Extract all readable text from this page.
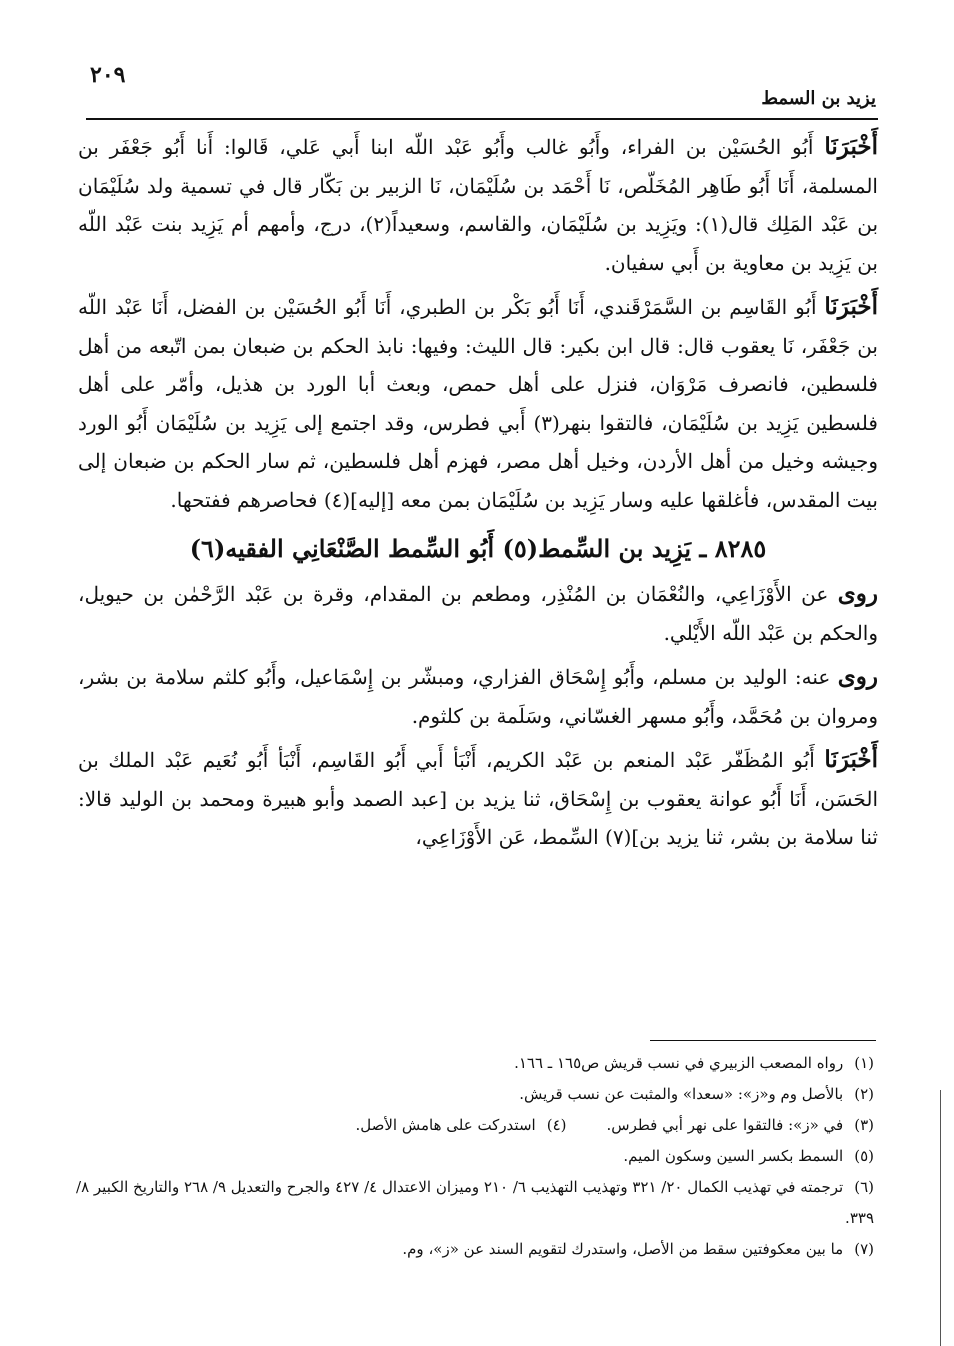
٢٠٩
يزيد بن السمط

أَخْبَرَنَا أَبُو الحُسَيْن بن الفراء، وأَبُو غالب وأَبُو عَبْد اللّه ابنا أَبي عَلي، قَالوا: أَنا أَبُو جَعْفَر بن المسلمة، أَنَا أَبُو طَاهِر المُخَلّص، نَا أَحْمَد بن سُلَيْمَان، نَا الزبير بن بَكّار قال في تسمية ولد سُلَيْمَان بن عَبْد المَلِك قال(١): ويَزِيد بن سُلَيْمَان، والقاسم، وسعيداً(٢)، درج، وأمهم أم يَزِيد بنت عَبْد اللّه بن يَزِيد بن معاوية بن أَبي سفيان.

أَخْبَرَنَا أَبُو القَاسِم بن السَّمَرْقَندي، أَنَا أَبُو بَكْر بن الطبري، أَنَا أَبُو الحُسَيْن بن الفضل، أَنَا عَبْد اللّه بن جَعْفَر، نَا يعقوب قال: قال ابن بكير: قال الليث: وفيها: نابذ الحكم بن ضبعان بمن اتّبعه من أهل فلسطين، فانصرف مَرْوَان، فنزل على أهل حمص، وبعث أبا الورد بن هذيل، وأمّر على أهل فلسطين يَزِيد بن سُلَيْمَان، فالتقوا بنهر(٣) أَبي فطرس، وقد اجتمع إلى يَزِيد بن سُلَيْمَان أَبُو الورد وجيشه وخيل من أهل الأردن، وخيل أهل مصر، فهزم أهل فلسطين، ثم سار الحكم بن ضبعان إلى بيت المقدس، فأغلقها عليه وسار يَزِيد بن سُلَيْمَان بمن معه [إليه](٤) فحاصرهم ففتحها.

٨٢٨٥ ـ يَزِيد بن السِّمط(٥) أَبُو السِّمط الصَّنْعَانِي الفقيه(٦)

روى عن الأَوْزَاعِي، والنُعْمَان بن المُنْذِر، ومطعم بن المقدام، وقرة بن عَبْد الرَّحْمٰن بن حيويل، والحكم بن عَبْد اللّه الأَيْلي.

روى عنه: الوليد بن مسلم، وأَبُو إِسْحَاق الفزاري، ومبشّر بن إِسْمَاعيل، وأَبُو كلثم سلامة بن بشر، ومروان بن مُحَمَّد، وأَبُو مسهر الغسّاني، وسَلَمة بن كلثوم.

أَخْبَرَنَا أَبُو المُظَفّر عَبْد المنعم بن عَبْد الكريم، أَنْبَأ أَبي أَبُو القَاسِم، أَنْبَأ أَبُو نُعَيم عَبْد الملك بن الحَسَن، أَنَا أَبُو عوانة يعقوب بن إِسْحَاق، ثنا يزيد بن [عبد الصمد وأبو هبيرة ومحمد بن الوليد قالا: ثنا سلامة بن بشر، ثنا يزيد بن](٧) السِّمط، عَن الأَوْزَاعِي،

(١) رواه المصعب الزبيري في نسب قريش ص١٦٥ ـ ١٦٦.

(٢) بالأصل وم و«ز»: «سعدا» والمثبت عن نسب قريش.

(٣) في «ز»: فالتقوا على نهر أبي فطرس.

(٤) استدركت على هامش الأصل.

(٥) السمط بكسر السين وسكون الميم.

(٦) ترجمته في تهذيب الكمال ٢٠/ ٣٢١ وتهذيب التهذيب ٦/ ٢١٠ وميزان الاعتدال ٤/ ٤٢٧ والجرح والتعديل ٩/ ٢٦٨ والتاريخ الكبير ٨/ ٣٣٩.

(٧) ما بين معكوفتين سقط من الأصل، واستدرك لتقويم السند عن «ز»، وم.
